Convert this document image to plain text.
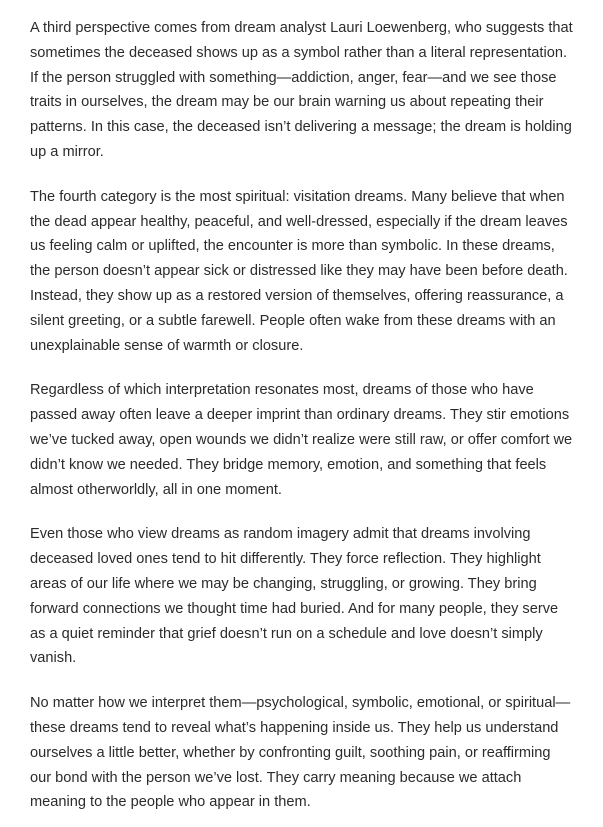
A third perspective comes from dream analyst Lauri Loewenberg, who suggests that sometimes the deceased shows up as a symbol rather than a literal representation. If the person struggled with something—addiction, anger, fear—and we see those traits in ourselves, the dream may be our brain warning us about repeating their patterns. In this case, the deceased isn’t delivering a message; the dream is holding up a mirror.

The fourth category is the most spiritual: visitation dreams. Many believe that when the dead appear healthy, peaceful, and well-dressed, especially if the dream leaves us feeling calm or uplifted, the encounter is more than symbolic. In these dreams, the person doesn’t appear sick or distressed like they may have been before death. Instead, they show up as a restored version of themselves, offering reassurance, a silent greeting, or a subtle farewell. People often wake from these dreams with an unexplainable sense of warmth or closure.

Regardless of which interpretation resonates most, dreams of those who have passed away often leave a deeper imprint than ordinary dreams. They stir emotions we’ve tucked away, open wounds we didn’t realize were still raw, or offer comfort we didn’t know we needed. They bridge memory, emotion, and something that feels almost otherworldly, all in one moment.

Even those who view dreams as random imagery admit that dreams involving deceased loved ones tend to hit differently. They force reflection. They highlight areas of our life where we may be changing, struggling, or growing. They bring forward connections we thought time had buried. And for many people, they serve as a quiet reminder that grief doesn’t run on a schedule and love doesn’t simply vanish.

No matter how we interpret them—psychological, symbolic, emotional, or spiritual—these dreams tend to reveal what’s happening inside us. They help us understand ourselves a little better, whether by confronting guilt, soothing pain, or reaffirming our bond with the person we’ve lost. They carry meaning because we attach meaning to the people who appear in them.
